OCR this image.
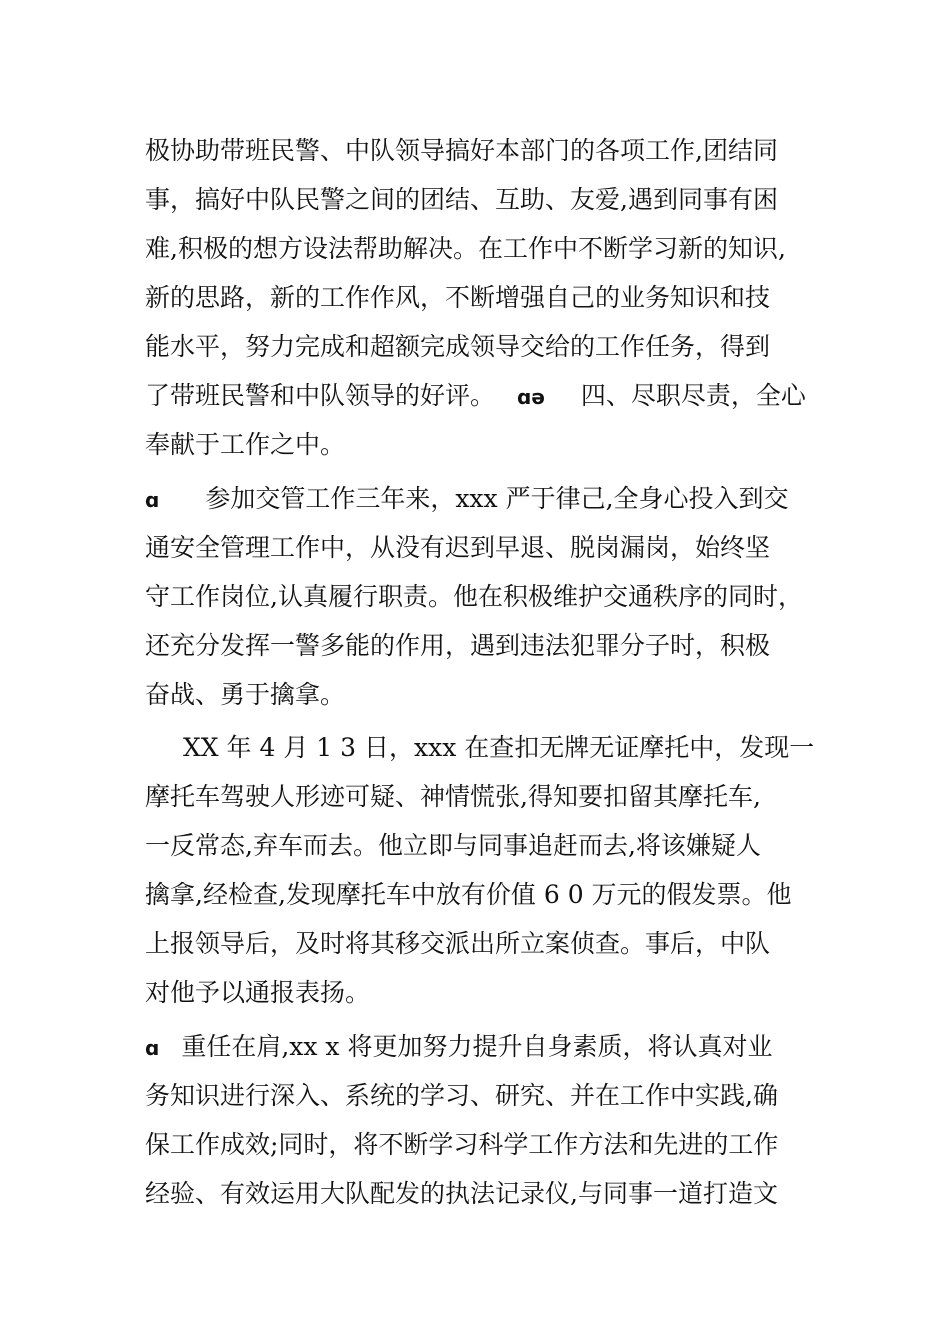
极协助带班民警、中队领导搞好本部门的各项工作,团结同

事，搞好中队民警之间的团结、互助、友爱,遇到同事有困

难,积极的想方设法帮助解决。在工作中不断学习新的知识,

新的思路，新的工作作风，不断增强自己的业务知识和技

能水平，努力完成和超额完成领导交给的工作任务，得到

了带班民警和中队领导的好评。 ɑə 四、尽职尽责，全心

奉献于工作之中。

ɑ 参加交管工作三年来，xxx 严于律己,全身心投入到交

通安全管理工作中，从没有迟到早退、脱岗漏岗，始终坚

守工作岗位,认真履行职责。他在积极维护交通秩序的同时，

还充分发挥一警多能的作用，遇到违法犯罪分子时，积极

奋战、勇于擒拿。

XX 年 4 月 1 3 日，xxx 在查扣无牌无证摩托中，发现一

摩托车驾驶人形迹可疑、神情慌张,得知要扣留其摩托车,

一反常态,弃车而去。他立即与同事追赶而去,将该嫌疑人

擒拿,经检查,发现摩托车中放有价值 6 0 万元的假发票。他

上报领导后，及时将其移交派出所立案侦查。事后，中队

对他予以通报表扬。

ɑ 重任在肩,xx x 将更加努力提升自身素质，将认真对业

务知识进行深入、系统的学习、研究、并在工作中实践,确

保工作成效;同时，将不断学习科学工作方法和先进的工作

经验、有效运用大队配发的执法记录仪,与同事一道打造文
